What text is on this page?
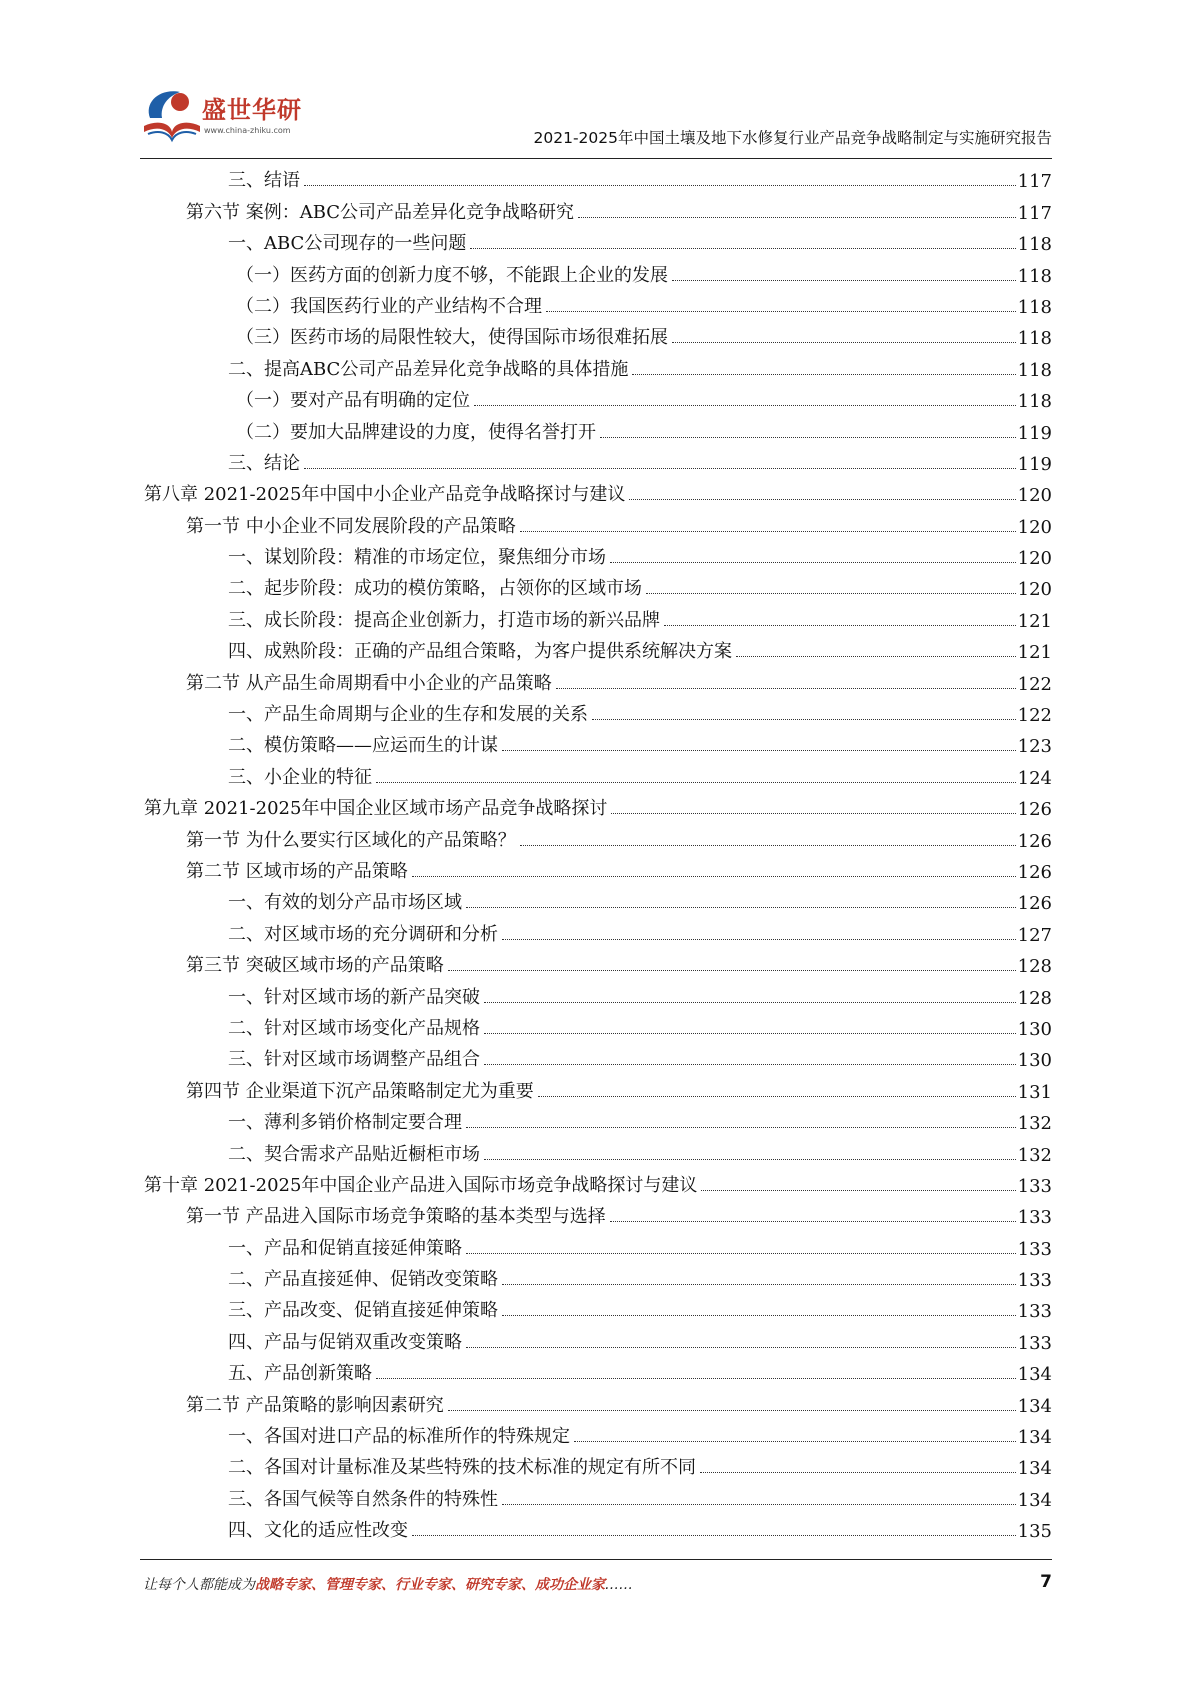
盛世华研
www.china-zhiku.com	2021-2025年中国土壤及地下水修复行业产品竞争战略制定与实施研究报告
三、结语	117
第六节 案例：ABC公司产品差异化竞争战略研究	117
一、ABC公司现存的一些问题	118
（一）医药方面的创新力度不够，不能跟上企业的发展	118
（二）我国医药行业的产业结构不合理	118
（三）医药市场的局限性较大，使得国际市场很难拓展	118
二、提高ABC公司产品差异化竞争战略的具体措施	118
（一）要对产品有明确的定位	118
（二）要加大品牌建设的力度，使得名誉打开	119
三、结论	119
第八章 2021-2025年中国中小企业产品竞争战略探讨与建议	120
第一节 中小企业不同发展阶段的产品策略	120
一、谋划阶段：精准的市场定位，聚焦细分市场	120
二、起步阶段：成功的模仿策略，占领你的区域市场	120
三、成长阶段：提高企业创新力，打造市场的新兴品牌	121
四、成熟阶段：正确的产品组合策略，为客户提供系统解决方案	121
第二节 从产品生命周期看中小企业的产品策略	122
一、产品生命周期与企业的生存和发展的关系	122
二、模仿策略——应运而生的计谋	123
三、小企业的特征	124
第九章 2021-2025年中国企业区域市场产品竞争战略探讨	126
第一节 为什么要实行区域化的产品策略？	126
第二节 区域市场的产品策略	126
一、有效的划分产品市场区域	126
二、对区域市场的充分调研和分析	127
第三节 突破区域市场的产品策略	128
一、针对区域市场的新产品突破	128
二、针对区域市场变化产品规格	130
三、针对区域市场调整产品组合	130
第四节 企业渠道下沉产品策略制定尤为重要	131
一、薄利多销价格制定要合理	132
二、契合需求产品贴近橱柜市场	132
第十章 2021-2025年中国企业产品进入国际市场竞争战略探讨与建议	133
第一节 产品进入国际市场竞争策略的基本类型与选择	133
一、产品和促销直接延伸策略	133
二、产品直接延伸、促销改变策略	133
三、产品改变、促销直接延伸策略	133
四、产品与促销双重改变策略	133
五、产品创新策略	134
第二节 产品策略的影响因素研究	134
一、各国对进口产品的标准所作的特殊规定	134
二、各国对计量标准及某些特殊的技术标准的规定有所不同	134
三、各国气候等自然条件的特殊性	134
四、文化的适应性改变	135
让每个人都能成为战略专家、管理专家、行业专家、研究专家、成功企业家……	7
